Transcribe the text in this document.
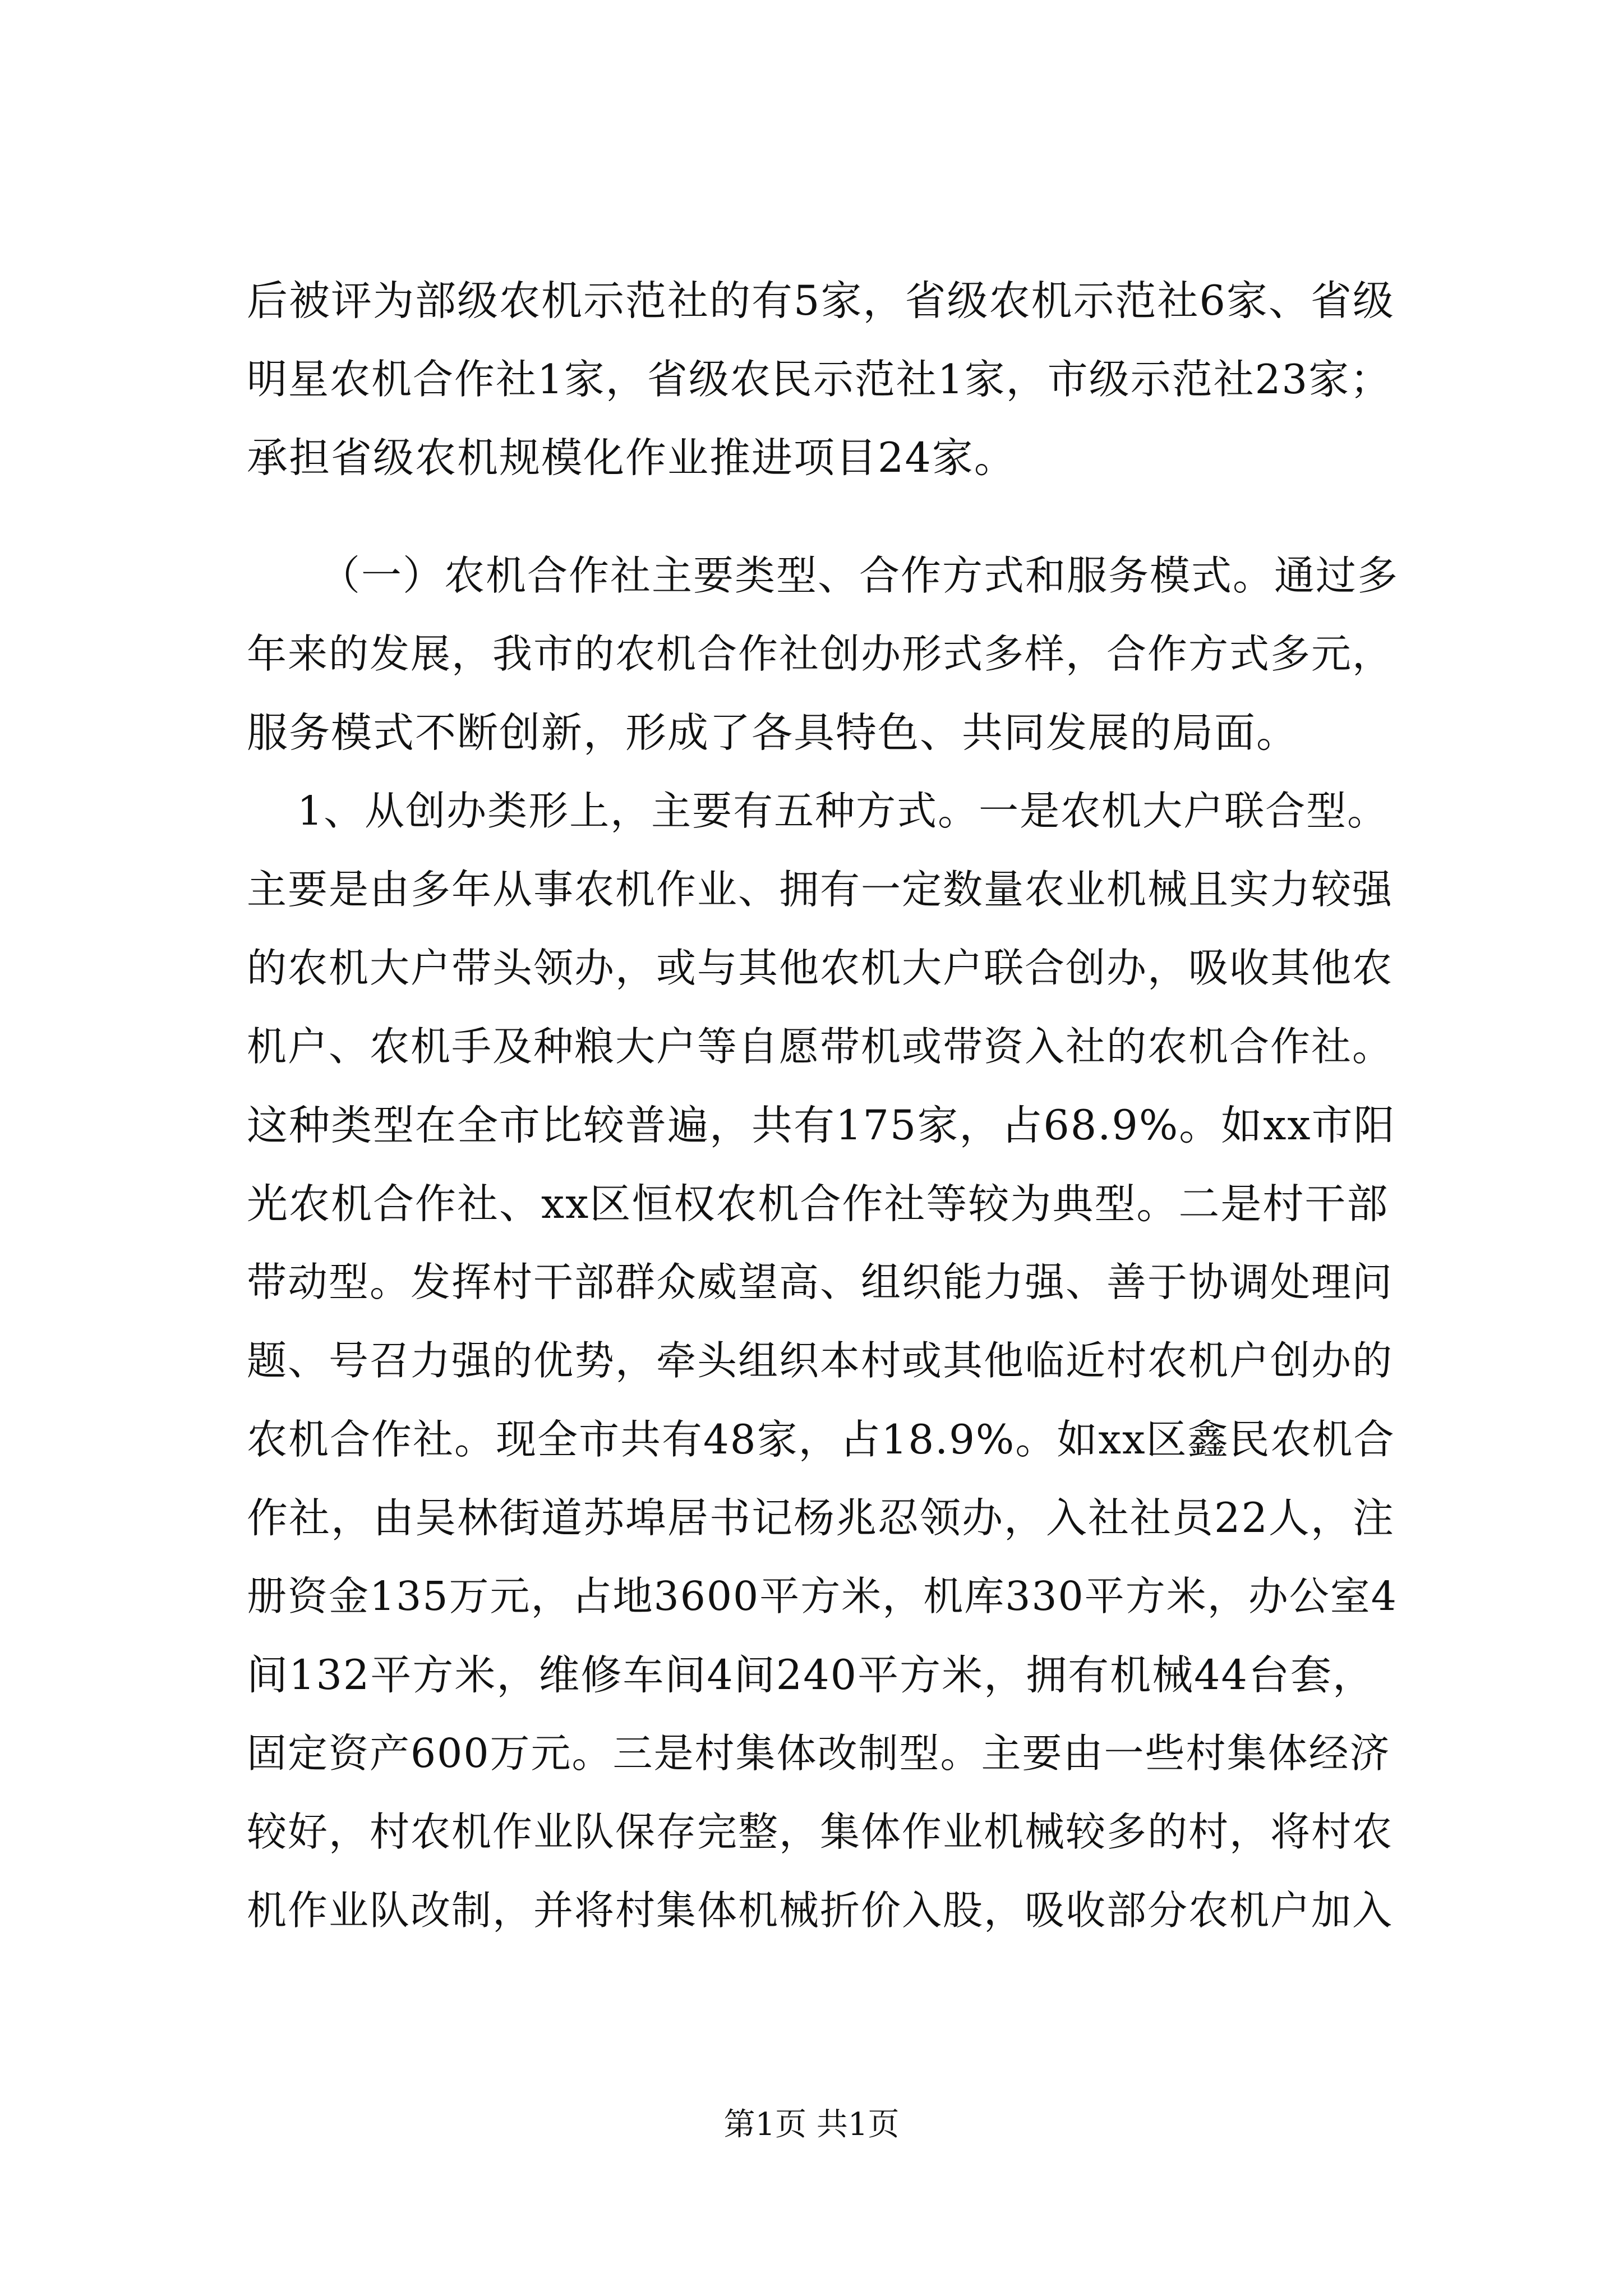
后被评为部级农机示范社的有5家，省级农机示范社6家、省级

明星农机合作社1家，省级农民示范社1家，市级示范社23家；

承担省级农机规模化作业推进项目24家。

（一）农机合作社主要类型、合作方式和服务模式。通过多

年来的发展，我市的农机合作社创办形式多样，合作方式多元，

服务模式不断创新，形成了各具特色、共同发展的局面。

1、从创办类形上，主要有五种方式。一是农机大户联合型。

主要是由多年从事农机作业、拥有一定数量农业机械且实力较强

的农机大户带头领办，或与其他农机大户联合创办，吸收其他农

机户、农机手及种粮大户等自愿带机或带资入社的农机合作社。

这种类型在全市比较普遍，共有175家，占68.9%。如xx市阳

光农机合作社、xx区恒权农机合作社等较为典型。二是村干部

带动型。发挥村干部群众威望高、组织能力强、善于协调处理问

题、号召力强的优势，牵头组织本村或其他临近村农机户创办的

农机合作社。现全市共有48家，占18.9%。如xx区鑫民农机合

作社，由吴林街道苏埠居书记杨兆忍领办，入社社员22人，注

册资金135万元，占地3600平方米，机库330平方米，办公室4

间132平方米，维修车间4间240平方米，拥有机械44台套，

固定资产600万元。三是村集体改制型。主要由一些村集体经济

较好，村农机作业队保存完整，集体作业机械较多的村，将村农

机作业队改制，并将村集体机械折价入股，吸收部分农机户加入

第1页 共1页
